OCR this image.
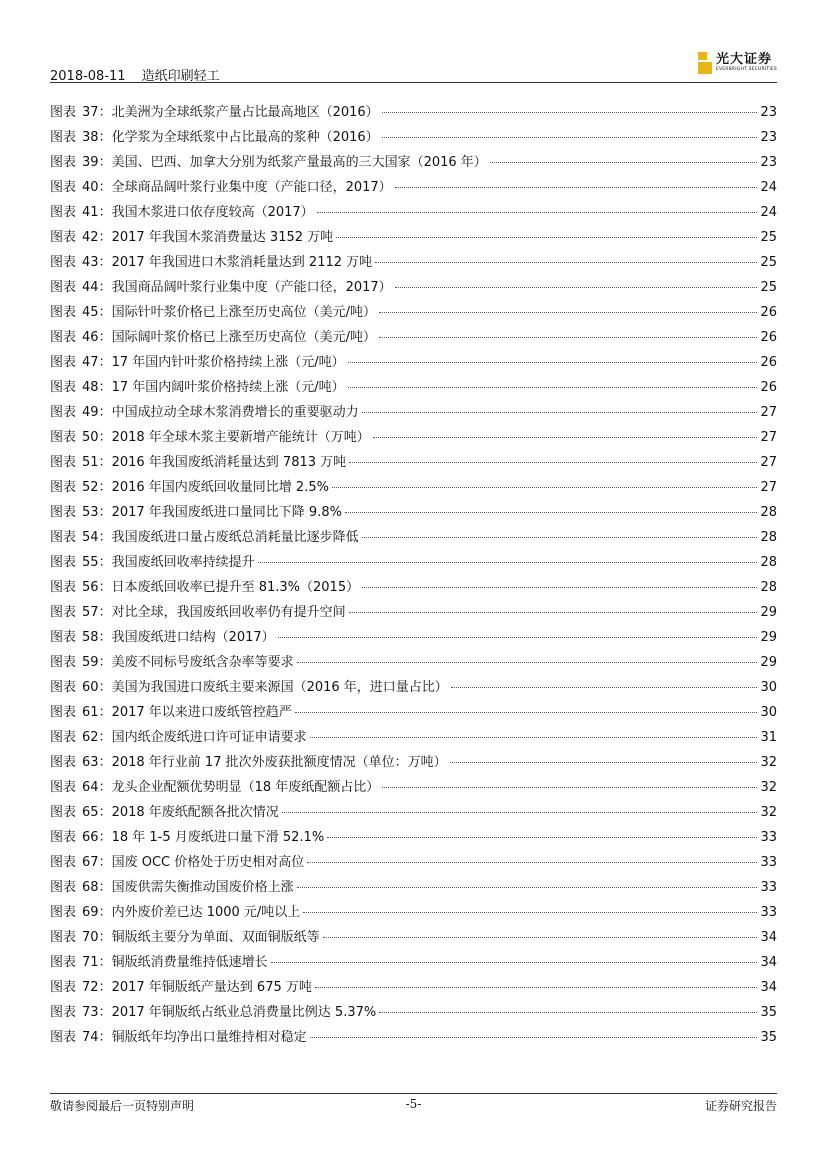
2018-08-11 造纸印刷轻工
光大证券
EVERBRIGHT SECURITIES
图表 37 ： 北美洲为全球纸浆产量占比最高地区（2016）	23
图表 38 ： 化学浆为全球纸浆中占比最高的浆种（2016）	23
图表 39 ： 美国、巴西、加拿大分别为纸浆产量最高的三大国家（2016 年）	23
图表 40 ： 全球商品阔叶浆行业集中度（产能口径，2017）	24
图表 41 ： 我国木浆进口依存度较高（2017）	24
图表 42 ： 2017 年我国木浆消费量达 3152 万吨	25
图表 43 ： 2017 年我国进口木浆消耗量达到 2112 万吨	25
图表 44 ： 我国商品阔叶浆行业集中度（产能口径，2017）	25
图表 45 ： 国际针叶浆价格已上涨至历史高位（美元/吨）	26
图表 46 ： 国际阔叶浆价格已上涨至历史高位（美元/吨）	26
图表 47 ： 17 年国内针叶浆价格持续上涨（元/吨）	26
图表 48 ： 17 年国内阔叶浆价格持续上涨（元/吨）	26
图表 49 ： 中国成拉动全球木浆消费增长的重要驱动力	27
图表 50 ： 2018 年全球木浆主要新增产能统计（万吨）	27
图表 51 ： 2016 年我国废纸消耗量达到 7813 万吨	27
图表 52 ： 2016 年国内废纸回收量同比增 2.5%	27
图表 53 ： 2017 年我国废纸进口量同比下降 9.8%	28
图表 54 ： 我国废纸进口量占废纸总消耗量比逐步降低	28
图表 55 ： 我国废纸回收率持续提升	28
图表 56 ： 日本废纸回收率已提升至 81.3%（2015）	28
图表 57 ： 对比全球，我国废纸回收率仍有提升空间	29
图表 58 ： 我国废纸进口结构（2017）	29
图表 59 ： 美废不同标号废纸含杂率等要求	29
图表 60 ： 美国为我国进口废纸主要来源国（2016 年，进口量占比）	30
图表 61 ： 2017 年以来进口废纸管控趋严	30
图表 62 ： 国内纸企废纸进口许可证申请要求	31
图表 63 ： 2018 年行业前 17 批次外废获批额度情况（单位：万吨）	32
图表 64 ： 龙头企业配额优势明显（18 年废纸配额占比）	32
图表 65 ： 2018 年废纸配额各批次情况	32
图表 66 ： 18 年 1-5 月废纸进口量下滑 52.1%	33
图表 67 ： 国废 OCC 价格处于历史相对高位	33
图表 68 ： 国废供需失衡推动国废价格上涨	33
图表 69 ： 内外废价差已达 1000 元/吨以上	33
图表 70 ： 铜版纸主要分为单面、双面铜版纸等	34
图表 71 ： 铜版纸消费量维持低速增长	34
图表 72 ： 2017 年铜版纸产量达到 675 万吨	34
图表 73 ： 2017 年铜版纸占纸业总消费量比例达 5.37%	35
图表 74 ： 铜版纸年均净出口量维持相对稳定	35
敬请参阅最后一页特别声明	-5-	证券研究报告
